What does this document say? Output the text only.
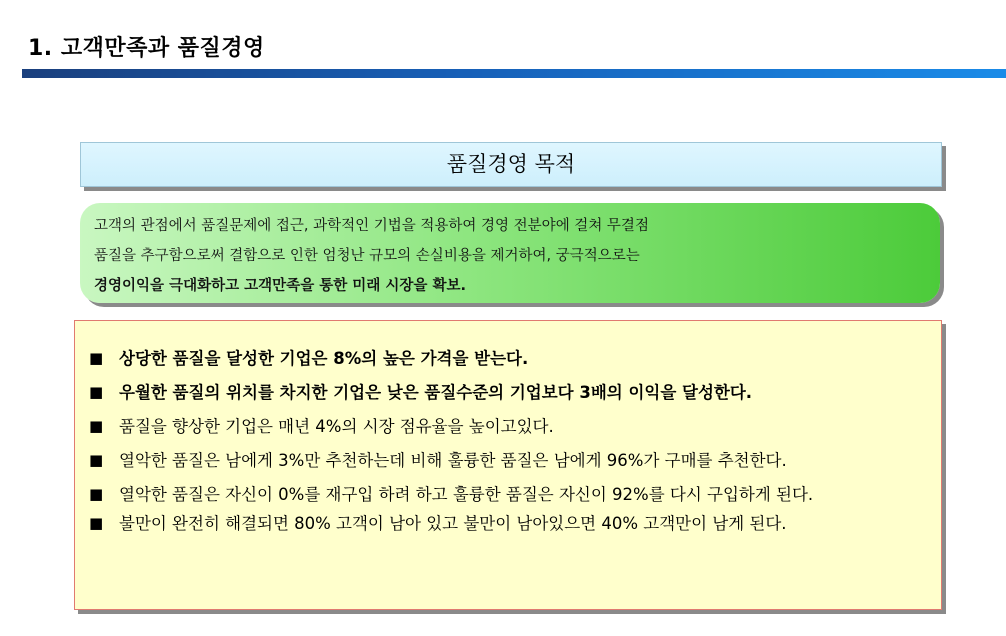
1. 고객만족과 품질경영
품질경영 목적
고객의 관점에서 품질문제에 접근, 과학적인 기법을 적용하여 경영 전분야에 걸쳐 무결점
품질을 추구함으로써 결함으로 인한 엄청난 규모의 손실비용을 제거하여, 궁극적으로는
경영이익을 극대화하고 고객만족을 통한 미래 시장을 확보.
■ 상당한 품질을 달성한 기업은 8%의 높은 가격을 받는다.
■ 우월한 품질의 위치를 차지한 기업은 낮은 품질수준의 기업보다 3배의 이익을 달성한다.
■ 품질을 향상한 기업은 매년 4%의 시장 점유율을 높이고있다.
■ 열악한 품질은 남에게 3%만 추천하는데 비해 훌륭한 품질은 남에게 96%가 구매를 추천한다.
■ 열악한 품질은 자신이 0%를 재구입 하려 하고 훌륭한 품질은 자신이 92%를 다시 구입하게 된다.
■ 불만이 완전히 해결되면 80% 고객이 남아 있고 불만이 남아있으면 40% 고객만이 남게 된다.
